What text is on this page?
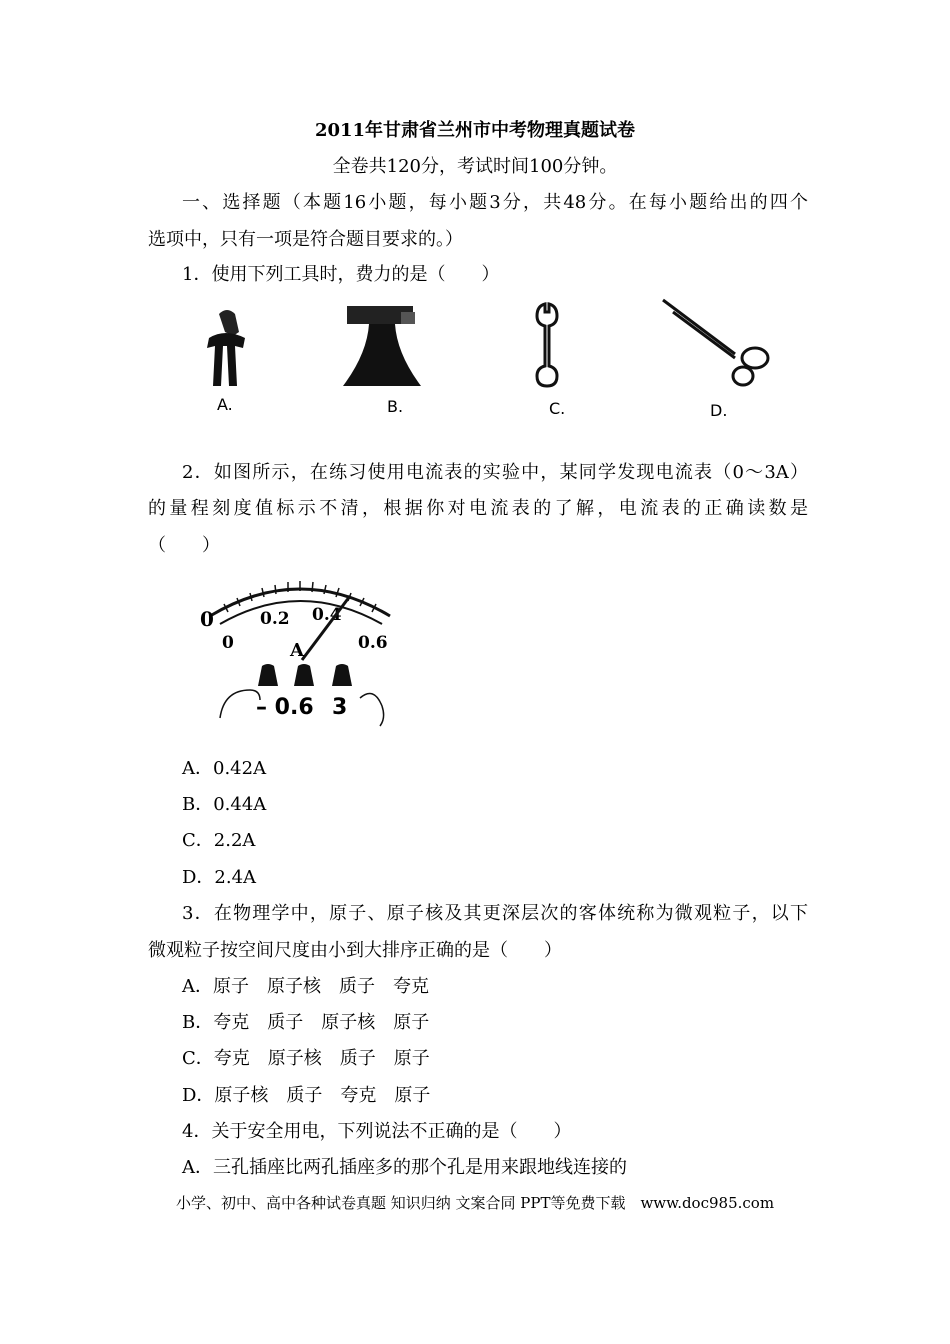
2011年甘肃省兰州市中考物理真题试卷
全卷共120分，考试时间100分钟。
一、选择题（本题16小题，每小题3分，共48分。在每小题给出的四个
选项中，只有一项是符合题目要求的。）
1．使用下列工具时，费力的是（　　）
A.	B.	C.	D.
2．如图所示，在练习使用电流表的实验中，某同学发现电流表（0～3A）
的量程刻度值标示不清，根据你对电流表的了解，电流表的正确读数是
（　　）
0
0
0.2 0.4
0.6
A
– 0.6 3
A．0.42A
B．0.44A
C．2.2A
D．2.4A
3．在物理学中，原子、原子核及其更深层次的客体统称为微观粒子，以下
微观粒子按空间尺度由小到大排序正确的是（　　）
A．原子　原子核　质子　夸克
B．夸克　质子　原子核　原子
C．夸克　原子核　质子　原子
D．原子核　质子　夸克　原子
4．关于安全用电，下列说法不正确的是（　　）
A．三孔插座比两孔插座多的那个孔是用来跟地线连接的
小学、初中、高中各种试卷真题 知识归纳 文案合同 PPT等免费下载　www.doc985.com
